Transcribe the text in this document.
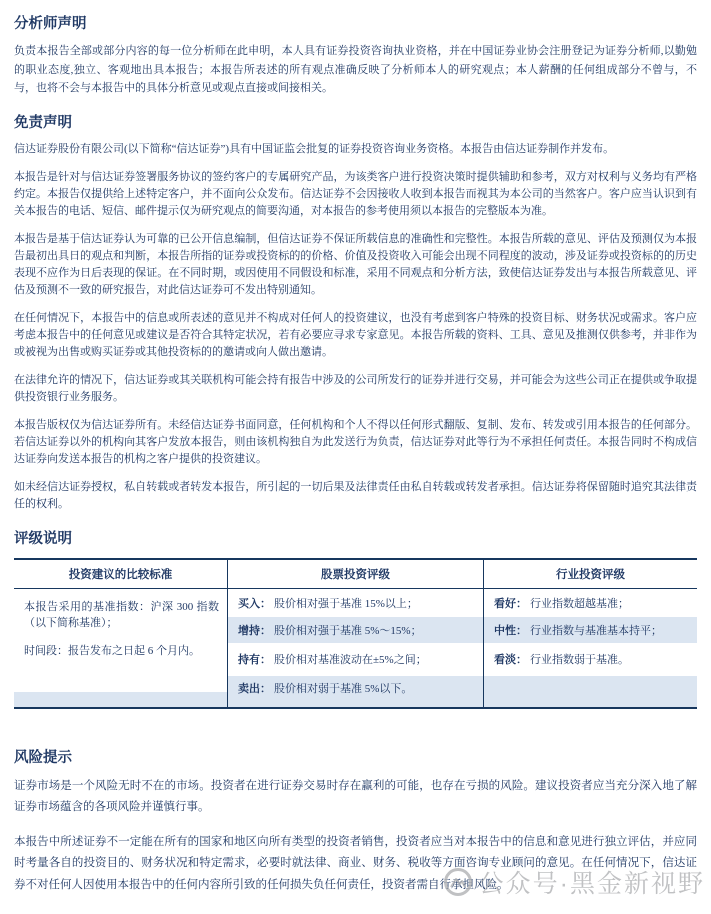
分析师声明

负责本报告全部或部分内容的每一位分析师在此申明，本人具有证券投资咨询执业资格，并在中国证券业协会注册登记为证券分析师,以勤勉的职业态度,独立、客观地出具本报告；本报告所表述的所有观点准确反映了分析师本人的研究观点；本人薪酬的任何组成部分不曾与，不与，也将不会与本报告中的具体分析意见或观点直接或间接相关。

免责声明

信达证券股份有限公司(以下简称“信达证券”)具有中国证监会批复的证券投资咨询业务资格。本报告由信达证券制作并发布。

本报告是针对与信达证券签署服务协议的签约客户的专属研究产品，为该类客户进行投资决策时提供辅助和参考，双方对权利与义务均有严格约定。本报告仅提供给上述特定客户，并不面向公众发布。信达证券不会因接收人收到本报告而视其为本公司的当然客户。客户应当认识到有关本报告的电话、短信、邮件提示仅为研究观点的简要沟通，对本报告的参考使用须以本报告的完整版本为准。

本报告是基于信达证券认为可靠的已公开信息编制，但信达证券不保证所载信息的准确性和完整性。本报告所载的意见、评估及预测仅为本报告最初出具日的观点和判断，本报告所指的证券或投资标的的价格、价值及投资收入可能会出现不同程度的波动，涉及证券或投资标的的历史表现不应作为日后表现的保证。在不同时期，或因使用不同假设和标准，采用不同观点和分析方法，致使信达证券发出与本报告所载意见、评估及预测不一致的研究报告，对此信达证券可不发出特别通知。

在任何情况下，本报告中的信息或所表述的意见并不构成对任何人的投资建议，也没有考虑到客户特殊的投资目标、财务状况或需求。客户应考虑本报告中的任何意见或建议是否符合其特定状况，若有必要应寻求专家意见。本报告所载的资料、工具、意见及推测仅供参考，并非作为或被视为出售或购买证券或其他投资标的的邀请或向人做出邀请。

在法律允许的情况下，信达证券或其关联机构可能会持有报告中涉及的公司所发行的证券并进行交易，并可能会为这些公司正在提供或争取提供投资银行业务服务。

本报告版权仅为信达证券所有。未经信达证券书面同意，任何机构和个人不得以任何形式翻版、复制、发布、转发或引用本报告的任何部分。若信达证券以外的机构向其客户发放本报告，则由该机构独自为此发送行为负责，信达证券对此等行为不承担任何责任。本报告同时不构成信达证券向发送本报告的机构之客户提供的投资建议。

如未经信达证券授权，私自转载或者转发本报告，所引起的一切后果及法律责任由私自转载或转发者承担。信达证券将保留随时追究其法律责任的权利。

评级说明
投资建议的比较标准	股票投资评级	行业投资评级

本报告采用的基准指数：沪深 300 指数（以下简称基准）；

时间段：报告发布之日起 6 个月内。

买入： 股价相对强于基准 15%以上；
增持： 股价相对强于基准 5%～15%；
持有： 股价相对基准波动在±5%之间；
卖出： 股价相对弱于基准 5%以下。
看好： 行业指数超越基准；
中性： 行业指数与基准基本持平；
看淡： 行业指数弱于基准。
风险提示

证券市场是一个风险无时不在的市场。投资者在进行证券交易时存在赢利的可能，也存在亏损的风险。建议投资者应当充分深入地了解证券市场蕴含的各项风险并谨慎行事。

本报告中所述证券不一定能在所有的国家和地区向所有类型的投资者销售，投资者应当对本报告中的信息和意见进行独立评估，并应同时考量各自的投资目的、财务状况和特定需求，必要时就法律、商业、财务、税收等方面咨询专业顾问的意见。在任何情况下，信达证券不对任何人因使用本报告中的任何内容所引致的任何损失负任何责任，投资者需自行承担风险。

公众号·黑金新视野
